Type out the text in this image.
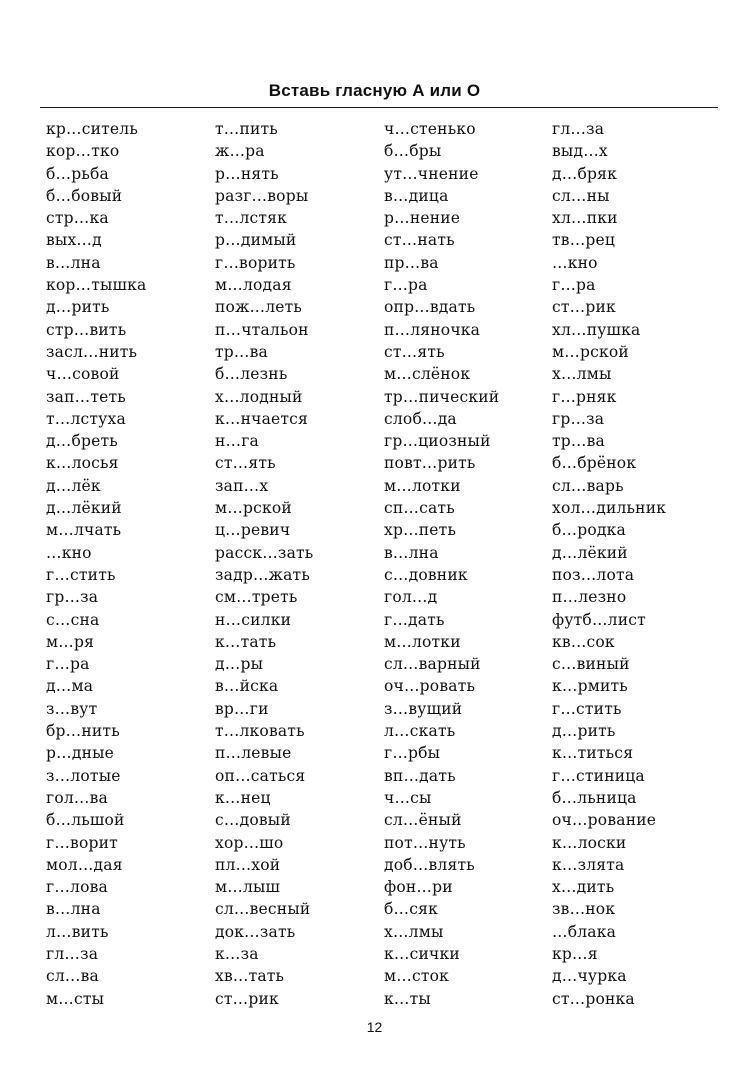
Вставь гласную А или О
кр…ситель
кор…тко
б…рьба
б…бовый
стр…ка
вых…д
в…лна
кор…тышка
д…рить
стр…вить
засл…нить
ч…совой
зап…теть
т…лстуха
д…бреть
к…лосья
д…лёк
д…лёкий
м…лчать
…кно
г…стить
гр…за
с…сна
м…ря
г…ра
д…ма
з…вут
бр…нить
р…дные
з…лотые
гол…ва
б…льшой
г…ворит
мол…дая
г…лова
в…лна
л…вить
гл…за
сл…ва
м…сты
т…пить
ж…ра
р…нять
разг…воры
т…лстяк
р…димый
г…ворить
м…лодая
пож…леть
п…чтальон
тр…ва
б…лезнь
х…лодный
к…нчается
н…га
ст…ять
зап…х
м…рской
ц…ревич
расск…зать
задр…жать
см…треть
н…силки
к…тать
д…ры
в…йска
вр…ги
т…лковать
п…левые
оп…саться
к…нец
с…довый
хор…шо
пл…хой
м…лыш
сл…весный
док…зать
к…за
хв…тать
ст…рик
ч…стенько
б…бры
ут…чнение
в…дица
р…нение
ст…нать
пр…ва
г…ра
опр…вдать
п…ляночка
ст…ять
м…слёнок
тр…пический
слоб…да
гр…циозный
повт…рить
м…лотки
сп…сать
хр…петь
в…лна
с…довник
гол…д
г…дать
м…лотки
сл…варный
оч…ровать
з…вущий
л…скать
г…рбы
вп…дать
ч…сы
сл…ёный
пот…нуть
доб…влять
фон…ри
б…сяк
х…лмы
к…сички
м…сток
к…ты
гл…за
выд…х
д…бряк
сл…ны
хл…пки
тв…рец
…кно
г…ра
ст…рик
хл…пушка
м…рской
х…лмы
г…рняк
гр…за
тр…ва
б…брёнок
сл…варь
хол…дильник
б…родка
д…лёкий
поз…лота
п…лезно
футб…лист
кв…сок
с…виный
к…рмить
г…стить
д…рить
к…титься
г…стиница
б…льница
оч…рование
к…лоски
к…злята
х…дить
зв…нок
…блака
кр…я
д…чурка
ст…ронка
12
